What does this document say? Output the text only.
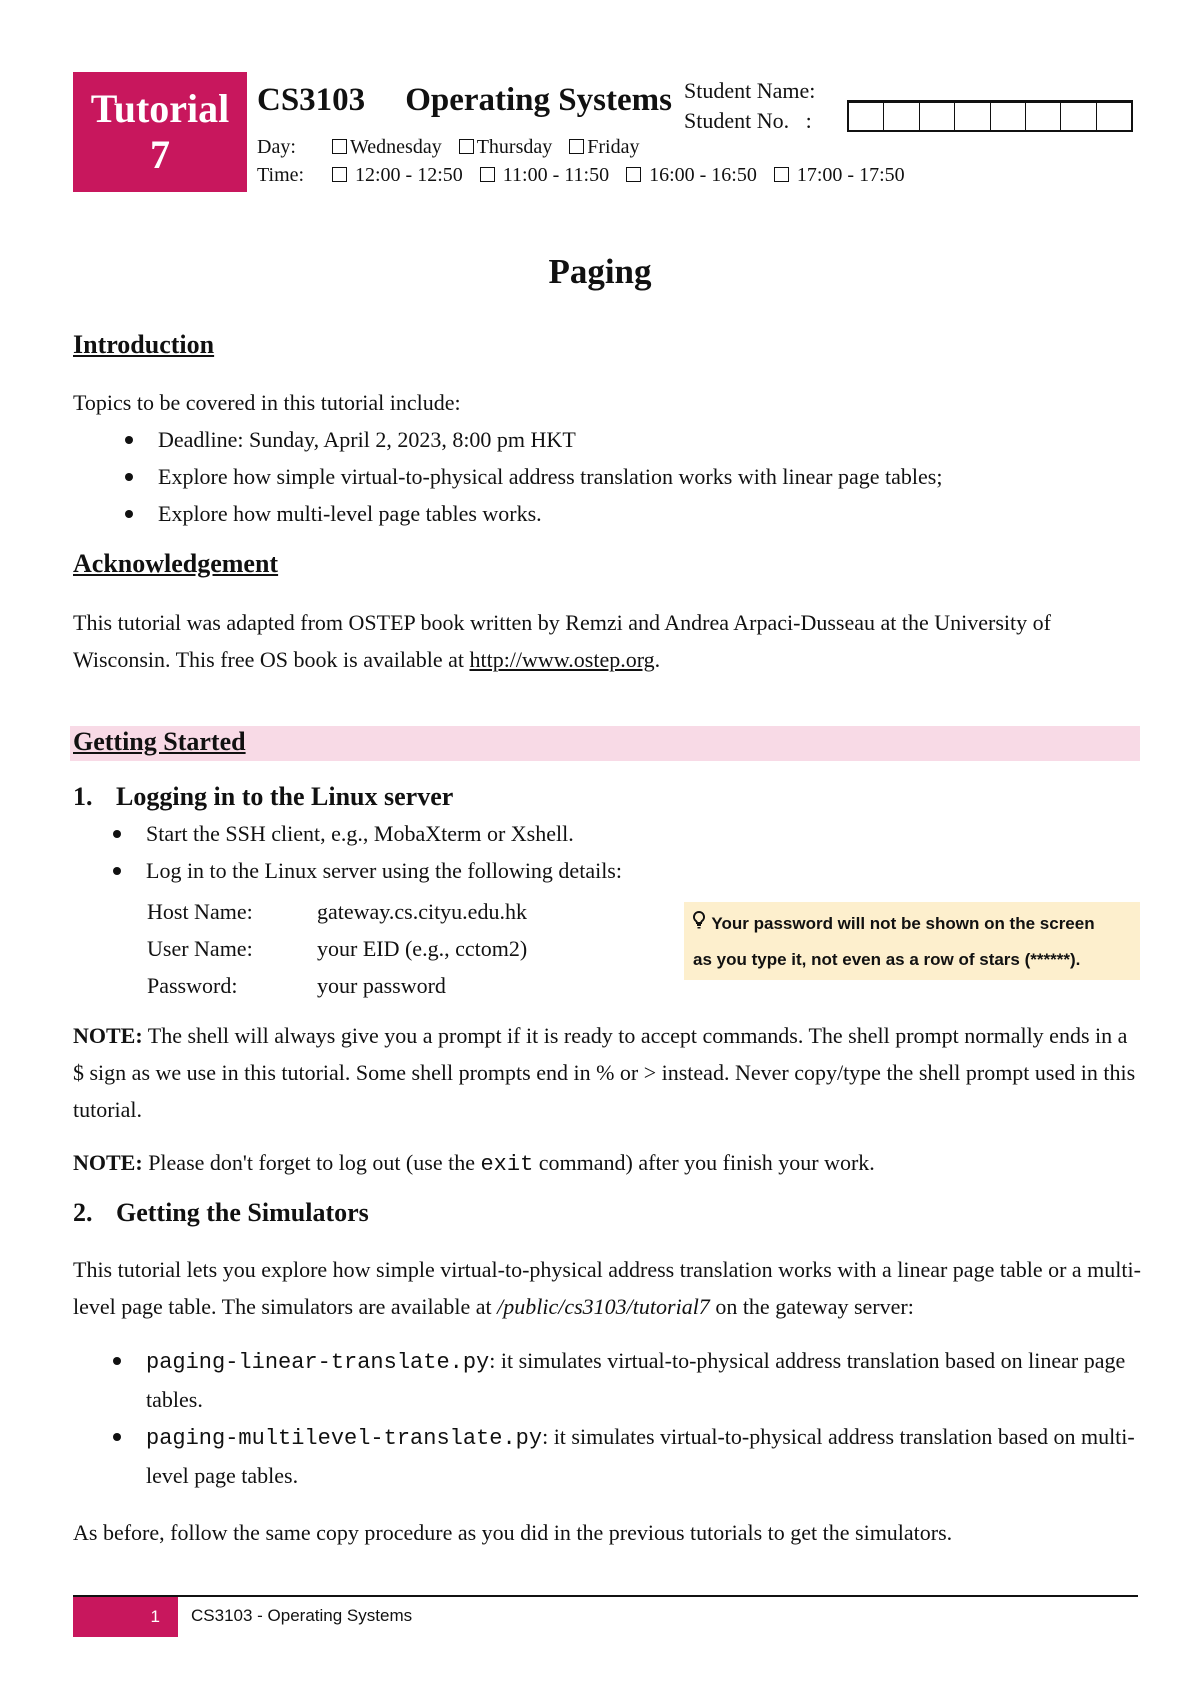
Tutorial
7
CS3103 Operating Systems Student Name:
Student No.   :
Day:	Wednesday Thursday Friday
Time:	12:00 - 12:50 11:00 - 11:50 16:00 - 16:50 17:00 - 17:50
Paging
Introduction
Topics to be covered in this tutorial include:
Deadline: Sunday, April 2, 2023, 8:00 pm HKT
Explore how simple virtual-to-physical address translation works with linear page tables;
Explore how multi-level page tables works.
Acknowledgement
This tutorial was adapted from OSTEP book written by Remzi and Andrea Arpaci-Dusseau at the University of Wisconsin. This free OS book is available at http://www.ostep.org.
Getting Started
1. Logging in to the Linux server
Start the SSH client, e.g., MobaXterm or Xshell.
Log in to the Linux server using the following details:
Host Name:	gateway.cs.cityu.edu.hk
User Name:	your EID (e.g., cctom2)
Password:	your password
Your password will not be shown on the screen
as you type it, not even as a row of stars (******).
NOTE: The shell will always give you a prompt if it is ready to accept commands. The shell prompt normally ends in a $ sign as we use in this tutorial. Some shell prompts end in % or > instead. Never copy/type the shell prompt used in this tutorial.
NOTE: Please don't forget to log out (use the exit command) after you finish your work.
2. Getting the Simulators
This tutorial lets you explore how simple virtual-to-physical address translation works with a linear page table or a multi-level page table. The simulators are available at /public/cs3103/tutorial7 on the gateway server:
paging-linear-translate.py: it simulates virtual-to-physical address translation based on linear page tables.
paging-multilevel-translate.py: it simulates virtual-to-physical address translation based on multi-level page tables.
As before, follow the same copy procedure as you did in the previous tutorials to get the simulators.
1	CS3103 - Operating Systems
